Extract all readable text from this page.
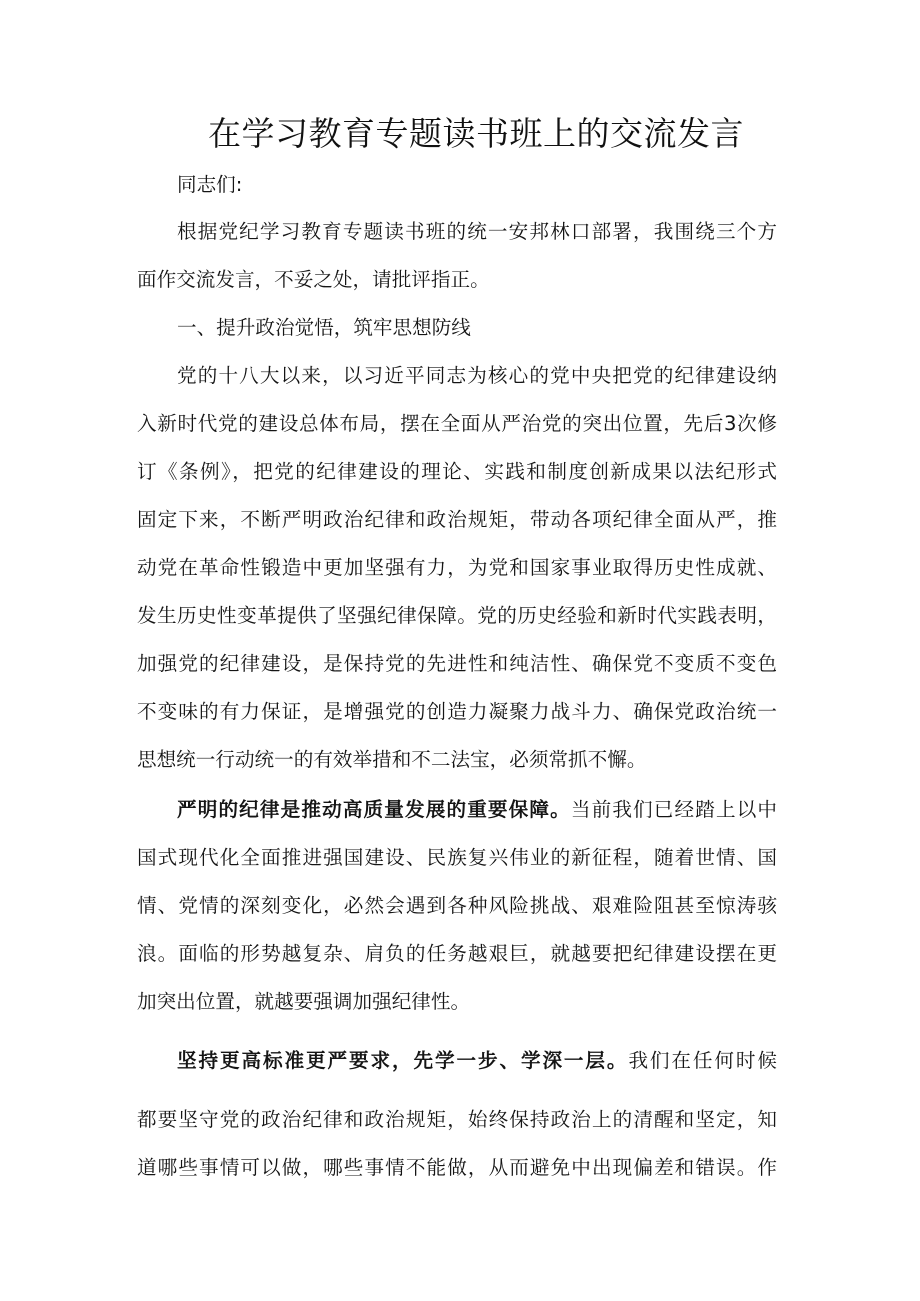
在学习教育专题读书班上的交流发言
同志们:
根据党纪学习教育专题读书班的统一安邦林口部署，我围绕三个方
面作交流发言，不妥之处，请批评指正。
一、提升政治觉悟，筑牢思想防线
党的十八大以来，以习近平同志为核心的党中央把党的纪律建设纳
入新时代党的建设总体布局，摆在全面从严治党的突出位置，先后3次修
订《条例》，把党的纪律建设的理论、实践和制度创新成果以法纪形式
固定下来，不断严明政治纪律和政治规矩，带动各项纪律全面从严，推
动党在革命性锻造中更加坚强有力，为党和国家事业取得历史性成就、
发生历史性变革提供了坚强纪律保障。党的历史经验和新时代实践表明，
加强党的纪律建设，是保持党的先进性和纯洁性、确保党不变质不变色
不变味的有力保证，是增强党的创造力凝聚力战斗力、确保党政治统一
思想统一行动统一的有效举措和不二法宝，必须常抓不懈。
严明的纪律是推动高质量发展的重要保障。当前我们已经踏上以中
国式现代化全面推进强国建设、民族复兴伟业的新征程，随着世情、国
情、党情的深刻变化，必然会遇到各种风险挑战、艰难险阻甚至惊涛骇
浪。面临的形势越复杂、肩负的任务越艰巨，就越要把纪律建设摆在更
加突出位置，就越要强调加强纪律性。
坚持更高标准更严要求，先学一步、学深一层。我们在任何时候
都要坚守党的政治纪律和政治规矩，始终保持政治上的清醒和坚定，知
道哪些事情可以做，哪些事情不能做，从而避免中出现偏差和错误。作
